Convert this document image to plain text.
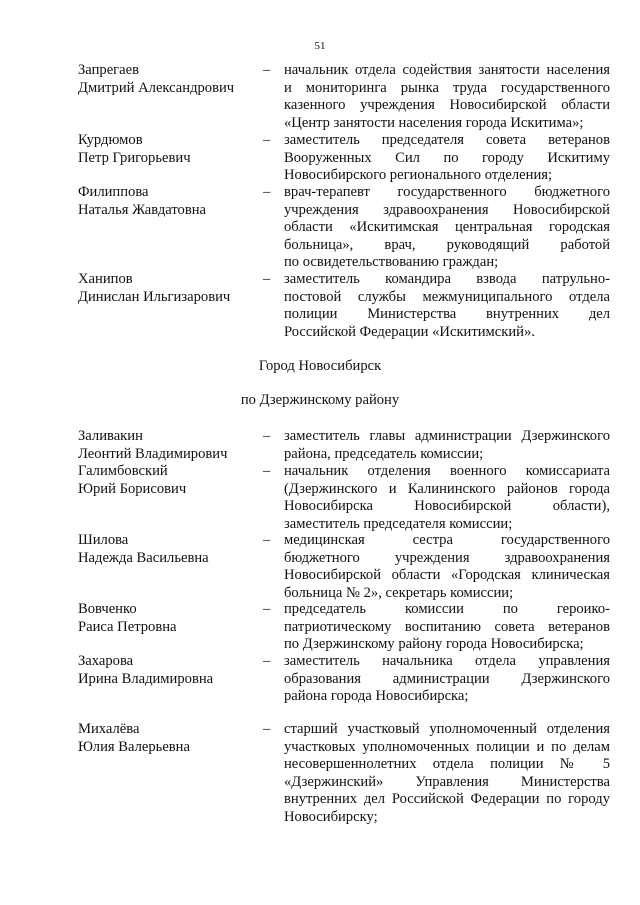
51
Запрегаев
Дмитрий Александрович
– начальник отдела содействия занятости населения
и мониторинга рынка труда государственного
казенного учреждения Новосибирской области
«Центр занятости населения города Искитима»;
Курдюмов
Петр Григорьевич
– заместитель председателя совета ветеранов
Вооруженных Сил по городу Искитиму
Новосибирского регионального отделения;
Филиппова
Наталья Жавдатовна
– врач-терапевт государственного бюджетного
учреждения здравоохранения Новосибирской
области «Искитимская центральная городская
больница», врач, руководящий работой
по освидетельствованию граждан;
Ханипов
Динислан Ильгизарович
– заместитель командира взвода патрульно-
постовой службы межмуниципального отдела
полиции Министерства внутренних дел
Российской Федерации «Искитимский».
Город Новосибирск
по Дзержинскому району
Заливакин
Леонтий Владимирович
– заместитель главы администрации Дзержинского
района, председатель комиссии;
Галимбовский
Юрий Борисович
– начальник отделения военного комиссариата
(Дзержинского и Калининского районов города
Новосибирска Новосибирской области),
заместитель председателя комиссии;
Шилова
Надежда Васильевна
– медицинская сестра государственного
бюджетного учреждения здравоохранения
Новосибирской области «Городская клиническая
больница № 2», секретарь комиссии;
Вовченко
Раиса Петровна
– председатель комиссии по героико-
патриотическому воспитанию совета ветеранов
по Дзержинскому району города Новосибирска;
Захарова
Ирина Владимировна
– заместитель начальника отдела управления
образования администрации Дзержинского
района города Новосибирска;
Михалёва
Юлия Валерьевна
– старший участковый уполномоченный отделения
участковых уполномоченных полиции и по делам
несовершеннолетних отдела полиции № 5
«Дзержинский» Управления Министерства
внутренних дел Российской Федерации по городу
Новосибирску;
